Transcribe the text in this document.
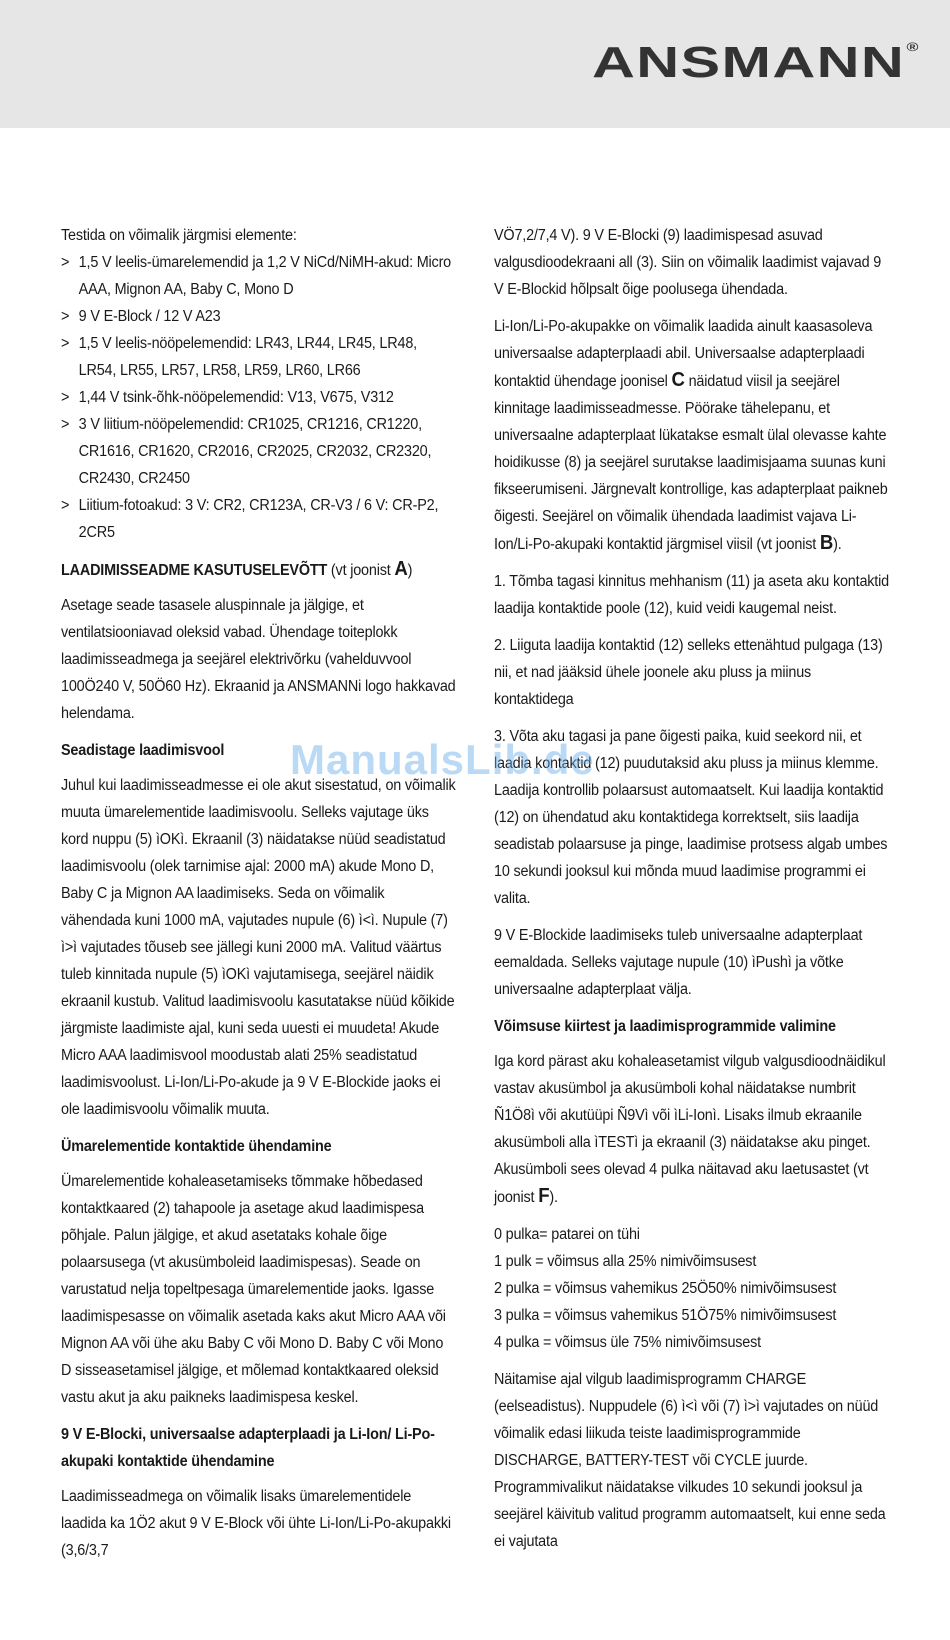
ANSMANN®

Testida on võimalik järgmisi elemente:

> 1,5 V leelis-ümarelemendid ja 1,2 V NiCd/NiMH-akud: Micro AAA, Mignon AA, Baby C, Mono D
> 9 V E-Block / 12 V A23
> 1,5 V leelis-nööpelemendid: LR43, LR44, LR45, LR48, LR54, LR55, LR57, LR58, LR59, LR60, LR66
> 1,44 V tsink-õhk-nööpelemendid: V13, V675, V312
> 3 V liitium-nööpelemendid: CR1025, CR1216, CR1220, CR1616, CR1620, CR2016, CR2025, CR2032, CR2320, CR2430, CR2450
> Liitium-fotoakud: 3 V: CR2, CR123A, CR-V3 / 6 V: CR-P2, 2CR5
LAADIMISSEADME KASUTUSELEVÕTT (vt joonist A)

Asetage seade tasasele aluspinnale ja jälgige, et ventilatsiooniavad oleksid vabad. Ühendage toiteplokk laadimisseadmega ja seejärel elektrivõrku (vahelduvvool 100Ö240 V, 50Ö60 Hz). Ekraanid ja ANSMANNi logo hakkavad helendama.

Seadistage laadimisvool

Juhul kui laadimisseadmesse ei ole akut sisestatud, on võimalik muuta ümarelementide laadimisvoolu. Selleks vajutage üks kord nuppu (5) ìOKì. Ekraanil (3) näidatakse nüüd seadistatud laadimisvoolu (olek tarnimise ajal: 2000 mA) akude Mono D, Baby C ja Mignon AA laadimiseks. Seda on võimalik vähendada kuni 1000 mA, vajutades nupule (6) ì<ì. Nupule (7) ì>ì vajutades tõuseb see jällegi kuni 2000 mA. Valitud väärtus tuleb kinnitada nupule (5) ìOKì vajutamisega, seejärel näidik ekraanil kustub. Valitud laadimisvoolu kasutatakse nüüd kõikide järgmiste laadimiste ajal, kuni seda uuesti ei muudeta! Akude Micro AAA laadimisvool moodustab alati 25% seadistatud laadimisvoolust. Li-Ion/Li-Po-akude ja 9 V E-Blockide jaoks ei ole laadimisvoolu võimalik muuta.

Ümarelementide kontaktide ühendamine

Ümarelementide kohaleasetamiseks tõmmake hõbedased kontaktkaared (2) tahapoole ja asetage akud laadimispesa põhjale. Palun jälgige, et akud asetataks kohale õige polaarsusega (vt akusümboleid laadimispesas). Seade on varustatud nelja topeltpesaga ümarelementide jaoks. Igasse laadimispesasse on võimalik asetada kaks akut Micro AAA või Mignon AA või ühe aku Baby C või Mono D. Baby C või Mono D sisseasetamisel jälgige, et mõlemad kontaktkaared oleksid vastu akut ja aku paikneks laadimispesa keskel.

9 V E-Blocki, universaalse adapterplaadi ja Li-Ion/ Li-Po-akupaki kontaktide ühendamine

Laadimisseadmega on võimalik lisaks ümarelementidele laadida ka 1Ö2 akut 9 V E-Block või ühte Li-Ion/Li-Po-akupakki (3,6/3,7

VÖ7,2/7,4 V). 9 V E-Blocki (9) laadimispesad asuvad valgusdioodekraani all (3). Siin on võimalik laadimist vajavad 9 V E-Blockid hõlpsalt õige poolusega ühendada.

Li-Ion/Li-Po-akupakke on võimalik laadida ainult kaasasoleva universaalse adapterplaadi abil. Universaalse adapterplaadi kontaktid ühendage joonisel C näidatud viisil ja seejärel kinnitage laadimisseadmesse. Pöörake tähelepanu, et universaalne adapterplaat lükatakse esmalt ülal olevasse kahte hoidikusse (8) ja seejärel surutakse laadimisjaama suunas kuni fikseerumiseni. Järgnevalt kontrollige, kas adapterplaat paikneb õigesti. Seejärel on võimalik ühendada laadimist vajava Li-Ion/Li-Po-akupaki kontaktid järgmisel viisil (vt joonist B).

1. Tõmba tagasi kinnitus mehhanism (11) ja aseta aku kontaktid laadija kontaktide poole (12), kuid veidi kaugemal neist.

2. Liiguta laadija kontaktid (12) selleks ettenähtud pulgaga (13) nii, et nad jääksid ühele joonele aku pluss ja miinus kontaktidega

3. Võta aku tagasi ja pane õigesti paika, kuid seekord nii, et laadia kontaktid (12) puudutaksid aku pluss ja miinus klemme. Laadija kontrollib polaarsust automaatselt. Kui laadija kontaktid (12) on ühendatud aku kontaktidega korrektselt, siis laadija seadistab polaarsuse ja pinge, laadimise protsess algab umbes 10 sekundi jooksul kui mõnda muud laadimise programmi ei valita.

9 V E-Blockide laadimiseks tuleb universaalne adapterplaat eemaldada. Selleks vajutage nupule (10) ìPushì ja võtke universaalne adapterplaat välja.

Võimsuse kiirtest ja laadimisprogrammide valimine

Iga kord pärast aku kohaleasetamist vilgub valgusdioodnäidikul vastav akusümbol ja akusümboli kohal näidatakse numbrit Ñ1Ö8ì või akutüüpi Ñ9Vì või ìLi-Ionì. Lisaks ilmub ekraanile akusümboli alla ìTESTì ja ekraanil (3) näidatakse aku pinget. Akusümboli sees olevad 4 pulka näitavad aku laetusastet (vt joonist F).

0 pulka= patarei on tühi
1 pulk = võimsus alla 25% nimivõimsusest
2 pulka = võimsus vahemikus 25Ö50% nimivõimsusest
3 pulka = võimsus vahemikus 51Ö75% nimivõimsusest
4 pulka = võimsus üle 75% nimivõimsusest

Näitamise ajal vilgub laadimisprogramm CHARGE (eelseadistus). Nuppudele (6) ì<ì või (7) ì>ì vajutades on nüüd võimalik edasi liikuda teiste laadimisprogrammide DISCHARGE, BATTERY-TEST või CYCLE juurde. Programmivalikut näidatakse vilkudes 10 sekundi jooksul ja seejärel käivitub valitud programm automaatselt, kui enne seda ei vajutata

ManualsLib.de
